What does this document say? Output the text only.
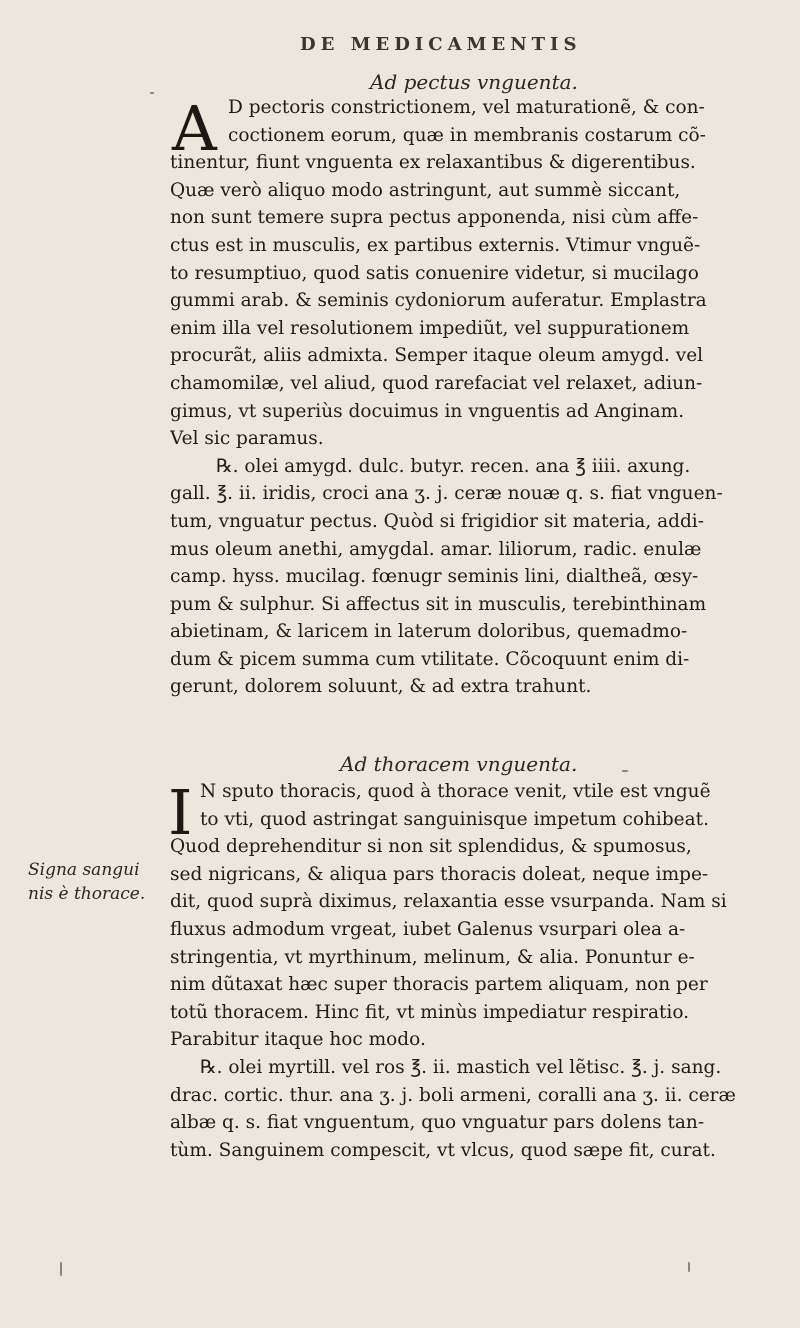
DE MEDICAMENTIS
Ad pectus vnguenta.
A D pectoris constrictionem, vel maturationẽ, & con-
coctionem eorum, quæ in membranis costarum cõ-
tinentur, fiunt vnguenta ex relaxantibus & digerentibus.
Quæ verò aliquo modo astringunt, aut summè siccant,
non sunt temere supra pectus apponenda, nisi cùm affe-
ctus est in musculis, ex partibus externis. Vtimur vnguẽ-
to resumptiuo, quod satis conuenire videtur, si mucilago
gummi arab. & seminis cydoniorum auferatur. Emplastra
enim illa vel resolutionem impediũt, vel suppurationem
procurãt, aliis admixta. Semper itaque oleum amygd. vel
chamomilæ, vel aliud, quod rarefaciat vel relaxet, adiun-
gimus, vt superiùs docuimus in vnguentis ad Anginam.
Vel sic paramus.
℞. olei amygd. dulc. butyr. recen. ana ℥ iiii. axung.
gall. ℥. ii. iridis, croci ana ʒ. j. ceræ nouæ q. s. fiat vnguen-
tum, vnguatur pectus. Quòd si frigidior sit materia, addi-
mus oleum anethi, amygdal. amar. liliorum, radic. enulæ
camp. hyss. mucilag. fœnugr seminis lini, dialtheã, œsy-
pum & sulphur. Si affectus sit in musculis, terebinthinam
abietinam, & laricem in laterum doloribus, quemadmo-
dum & picem summa cum vtilitate. Cõcoquunt enim di-
gerunt, dolorem soluunt, & ad extra trahunt.
Ad thoracem vnguenta.
I N sputo thoracis, quod à thorace venit, vtile est vnguẽ
to vti, quod astringat sanguinisque impetum cohibeat.
Quod deprehenditur si non sit splendidus, & spumosus,
sed nigricans, & aliqua pars thoracis doleat, neque impe-
dit, quod suprà diximus, relaxantia esse vsurpanda. Nam si
fluxus admodum vrgeat, iubet Galenus vsurpari olea a-
stringentia, vt myrthinum, melinum, & alia. Ponuntur e-
nim dũtaxat hæc super thoracis partem aliquam, non per
totũ thoracem. Hinc fit, vt minùs impediatur respiratio.
Parabitur itaque hoc modo.
℞. olei myrtill. vel ros ℥. ii. mastich vel lẽtisc. ℥. j. sang.
drac. cortic. thur. ana ʒ. j. boli armeni, coralli ana ʒ. ii. ceræ
albæ q. s. fiat vnguentum, quo vnguatur pars dolens tan-
tùm. Sanguinem compescit, vt vlcus, quod sæpe fit, curat.
Signa sangui
nis è thorace.
